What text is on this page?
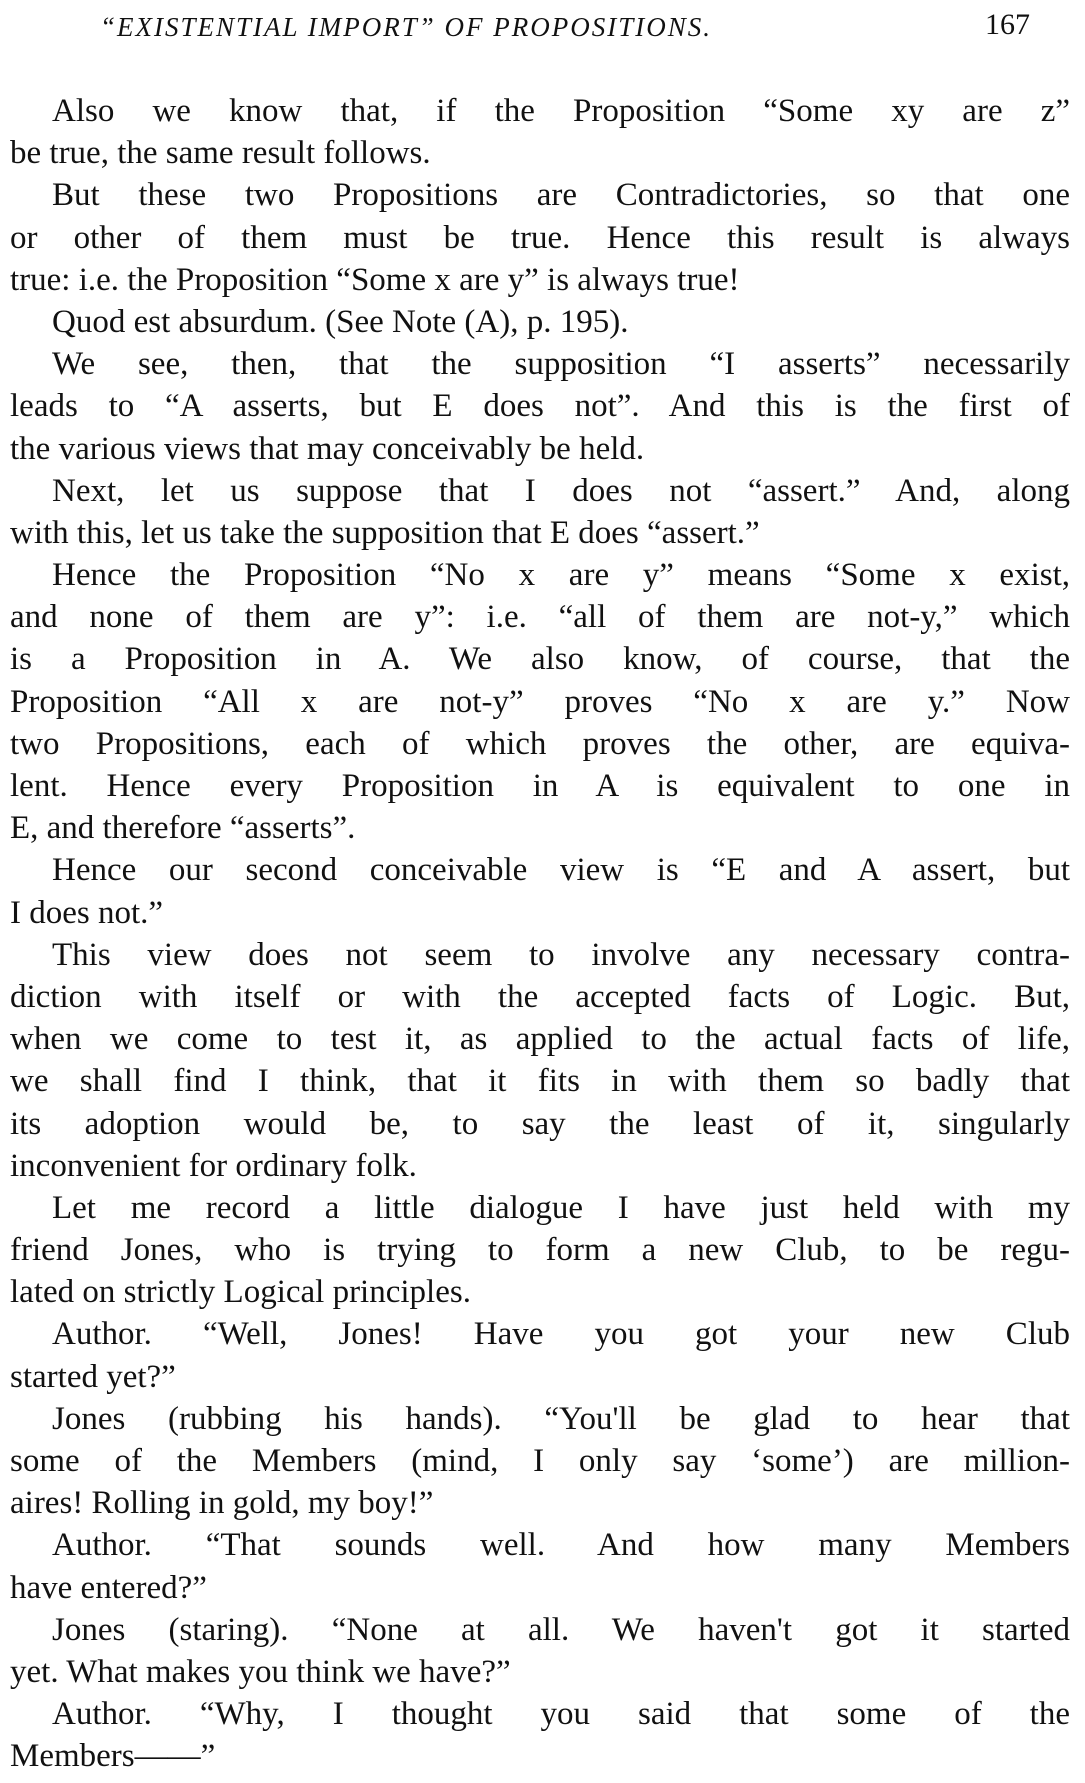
“EXISTENTIAL IMPORT” OF PROPOSITIONS.	167
Also we know that, if the Proposition “Some xy are z”
be true, the same result follows.
But these two Propositions are Contradictories, so that one
or other of them must be true. Hence this result is always
true: i.e. the Proposition “Some x are y” is always true!
Quod est absurdum. (See Note (A), p. 195).
We see, then, that the supposition “I asserts” necessarily
leads to “A asserts, but E does not”. And this is the first of
the various views that may conceivably be held.
Next, let us suppose that I does not “assert.” And, along
with this, let us take the supposition that E does “assert.”
Hence the Proposition “No x are y” means “Some x exist,
and none of them are y”: i.e. “all of them are not-y,” which
is a Proposition in A. We also know, of course, that the
Proposition “All x are not-y” proves “No x are y.” Now
two Propositions, each of which proves the other, are equiva-
lent. Hence every Proposition in A is equivalent to one in
E, and therefore “asserts”.
Hence our second conceivable view is “E and A assert, but
I does not.”
This view does not seem to involve any necessary contra-
diction with itself or with the accepted facts of Logic. But,
when we come to test it, as applied to the actual facts of life,
we shall find I think, that it fits in with them so badly that
its adoption would be, to say the least of it, singularly
inconvenient for ordinary folk.
Let me record a little dialogue I have just held with my
friend Jones, who is trying to form a new Club, to be regu-
lated on strictly Logical principles.
Author. “Well, Jones! Have you got your new Club
started yet?”
Jones (rubbing his hands). “You'll be glad to hear that
some of the Members (mind, I only say ‘some’) are million-
aires! Rolling in gold, my boy!”
Author. “That sounds well. And how many Members
have entered?”
Jones (staring). “None at all. We haven't got it started
yet. What makes you think we have?”
Author. “Why, I thought you said that some of the
Members——”
